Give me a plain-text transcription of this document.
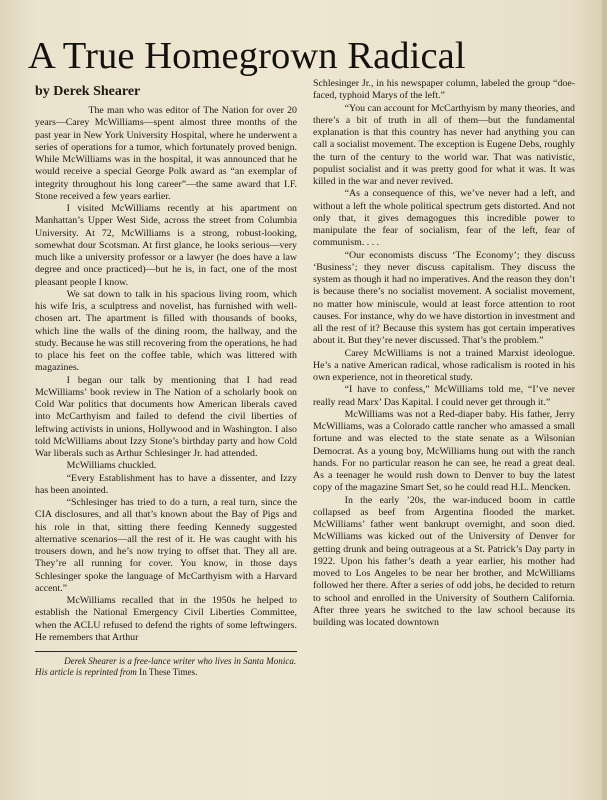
A True Homegrown Radical
by Derek Shearer

The man who was editor of The Nation for over 20 years—Carey McWilliams—spent almost three months of the past year in New York University Hospital, where he underwent a series of operations for a tumor, which fortunately proved benign. While McWilliams was in the hospital, it was announced that he would receive a special George Polk award as “an exemplar of integrity throughout his long career”—the same award that I.F. Stone received a few years earlier.

I visited McWilliams recently at his apartment on Manhattan’s Upper West Side, across the street from Columbia University. At 72, McWilliams is a strong, robust-looking, somewhat dour Scotsman. At first glance, he looks serious—very much like a university professor or a lawyer (he does have a law degree and once practiced)—but he is, in fact, one of the most pleasant people I know.

We sat down to talk in his spacious living room, which his wife Iris, a sculptress and novelist, has furnished with well-chosen art. The apartment is filled with thousands of books, which line the walls of the dining room, the hallway, and the study. Because he was still recovering from the operations, he had to place his feet on the coffee table, which was littered with magazines.

I began our talk by mentioning that I had read McWilliams’ book review in The Nation of a scholarly book on Cold War politics that documents how American liberals caved into McCarthyism and failed to defend the civil liberties of leftwing activists in unions, Hollywood and in Washington. I also told McWilliams about Izzy Stone’s birthday party and how Cold War liberals such as Arthur Schlesinger Jr. had attended.

McWilliams chuckled.

“Every Establishment has to have a dissenter, and Izzy has been anointed.

“Schlesinger has tried to do a turn, a real turn, since the CIA disclosures, and all that’s known about the Bay of Pigs and his role in that, sitting there feeding Kennedy suggested alternative scenarios—all the rest of it. He was caught with his trousers down, and he’s now trying to offset that. They all are. They’re all running for cover. You know, in those days Schlesinger spoke the language of McCarthyism with a Harvard accent.”

McWilliams recalled that in the 1950s he helped to establish the National Emergency Civil Liberties Committee, when the ACLU refused to defend the rights of some leftwingers. He remembers that Arthur

Derek Shearer is a free-lance writer who lives in Santa Monica. His article is reprinted from In These Times.

Schlesinger Jr., in his newspaper column, labeled the group “doe-faced, typhoid Marys of the left.”

“You can account for McCarthyism by many theories, and there’s a bit of truth in all of them—but the fundamental explanation is that this country has never had anything you can call a socialist movement. The exception is Eugene Debs, roughly the turn of the century to the world war. That was nativistic, populist socialist and it was pretty good for what it was. It was killed in the war and never revived.

“As a consequence of this, we’ve never had a left, and without a left the whole political spectrum gets distorted. And not only that, it gives demagogues this incredible power to manipulate the fear of socialism, fear of the left, fear of communism. . . .

“Our economists discuss ‘The Economy’; they discuss ‘Business’; they never discuss capitalism. They discuss the system as though it had no imperatives. And the reason they don’t is because there’s no socialist movement. A socialist movement, no matter how miniscule, would at least force attention to root causes. For instance, why do we have distortion in investment and all the rest of it? Because this system has got certain imperatives about it. But they’re never discussed. That’s the problem.”

Carey McWilliams is not a trained Marxist ideologue. He’s a native American radical, whose radicalism is rooted in his own experience, not in theoretical study.

“I have to confess,” McWilliams told me, “I’ve never really read Marx’ Das Kapital. I could never get through it.”

McWilliams was not a Red-diaper baby. His father, Jerry McWilliams, was a Colorado cattle rancher who amassed a small fortune and was elected to the state senate as a Wilsonian Democrat. As a young boy, McWilliams hung out with the ranch hands. For no particular reason he can see, he read a great deal. As a teenager he would rush down to Denver to buy the latest copy of the magazine Smart Set, so he could read H.L. Mencken.

In the early ’20s, the war-induced boom in cattle collapsed as beef from Argentina flooded the market. McWilliams’ father went bankrupt overnight, and soon died. McWilliams was kicked out of the University of Denver for getting drunk and being outrageous at a St. Patrick’s Day party in 1922. Upon his father’s death a year earlier, his mother had moved to Los Angeles to be near her brother, and McWilliams followed her there. After a series of odd jobs, he decided to return to school and enrolled in the University of Southern California. After three years he switched to the law school because its building was located downtown
